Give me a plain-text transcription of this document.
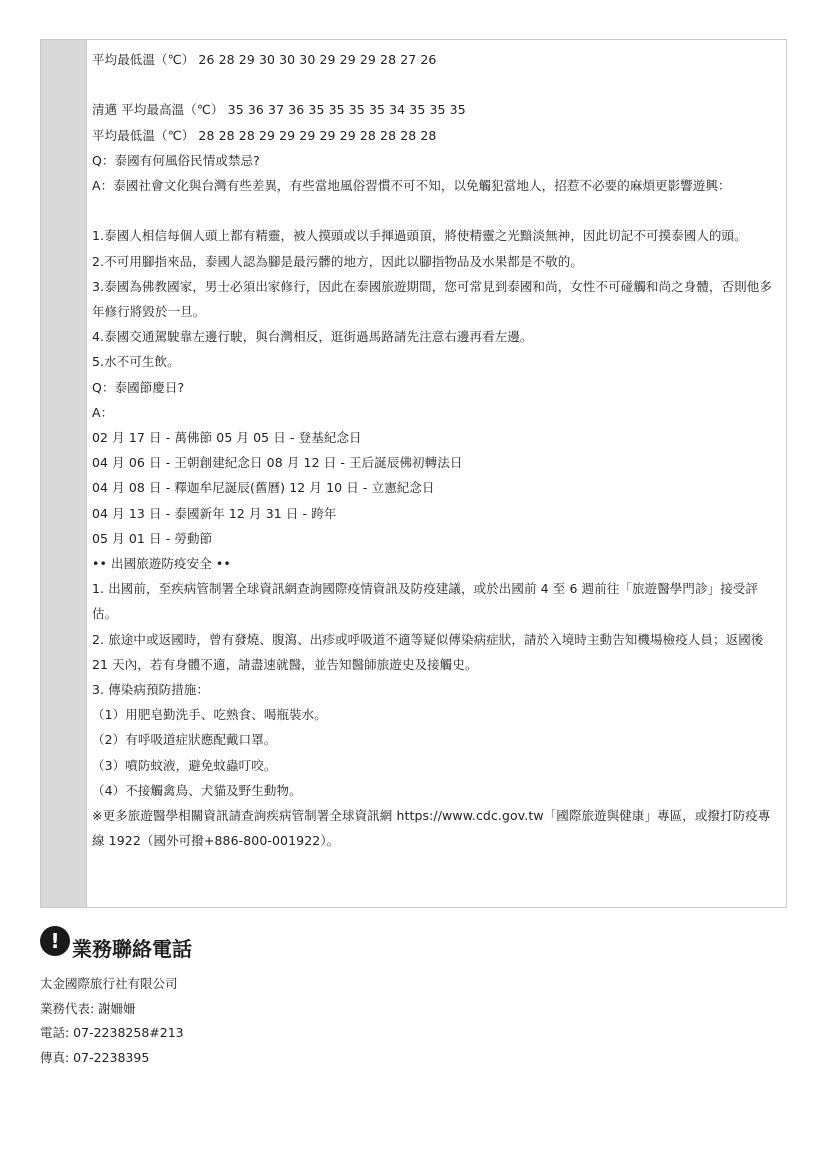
平均最低溫（℃） 26 28 29 30 30 30 29 29 29 28 27 26
清邁 平均最高溫（℃） 35 36 37 36 35 35 35 35 34 35 35 35
平均最低溫（℃） 28 28 28 29 29 29 29 29 28 28 28 28
Q：泰國有何風俗民情或禁忌?
A：泰國社會文化與台灣有些差異，有些當地風俗習慣不可不知，以免觸犯當地人，招惹不必要的麻煩更影響遊興：
1.泰國人相信每個人頭上都有精靈，被人摸頭或以手揮過頭頂，將使精靈之光黯淡無神，因此切記不可摸泰國人的頭。
2.不可用腳指來品，泰國人認為腳是最污髒的地方，因此以腳指物品及水果都是不敬的。
3.泰國為佛教國家，男士必須出家修行，因此在泰國旅遊期間，您可常見到泰國和尚，女性不可碰觸和尚之身體，否則他多年修行將毀於一旦。
4.泰國交通駕駛靠左邊行駛，與台灣相反，逛街過馬路請先注意右邊再看左邊。
5.水不可生飲。
Q：泰國節慶日?
A：
02 月 17 日 - 萬佛節 05 月 05 日 - 登基紀念日
04 月 06 日 - 王朝創建紀念日 08 月 12 日 - 王后誕辰佛初轉法日
04 月 08 日 - 釋迦牟尼誕辰(舊曆) 12 月 10 日 - 立憲紀念日
04 月 13 日 - 泰國新年 12 月 31 日 - 跨年
05 月 01 日 - 勞動節
•• 出國旅遊防疫安全 ••
1. 出國前，至疾病管制署全球資訊網查詢國際疫情資訊及防疫建議，或於出國前 4 至 6 週前往「旅遊醫學門診」接受評估。
2. 旅途中或返國時，曾有發燒、腹瀉、出疹或呼吸道不適等疑似傳染病症狀，請於入境時主動告知機場檢疫人員；返國後 21 天內，若有身體不適，請盡速就醫，並告知醫師旅遊史及接觸史。
3. 傳染病預防措施：
（1）用肥皂勤洗手、吃熟食、喝瓶裝水。
（2）有呼吸道症狀應配戴口罩。
（3）噴防蚊液，避免蚊蟲叮咬。
（4）不接觸禽鳥、犬貓及野生動物。
※更多旅遊醫學相關資訊請查詢疾病管制署全球資訊網 https://www.cdc.gov.tw「國際旅遊與健康」專區，或撥打防疫專線 1922（國外可撥+886-800-001922）。
! 業務聯絡電話
太金國際旅行社有限公司
業務代表: 謝姍姍
電話: 07-2238258#213
傳真: 07-2238395
